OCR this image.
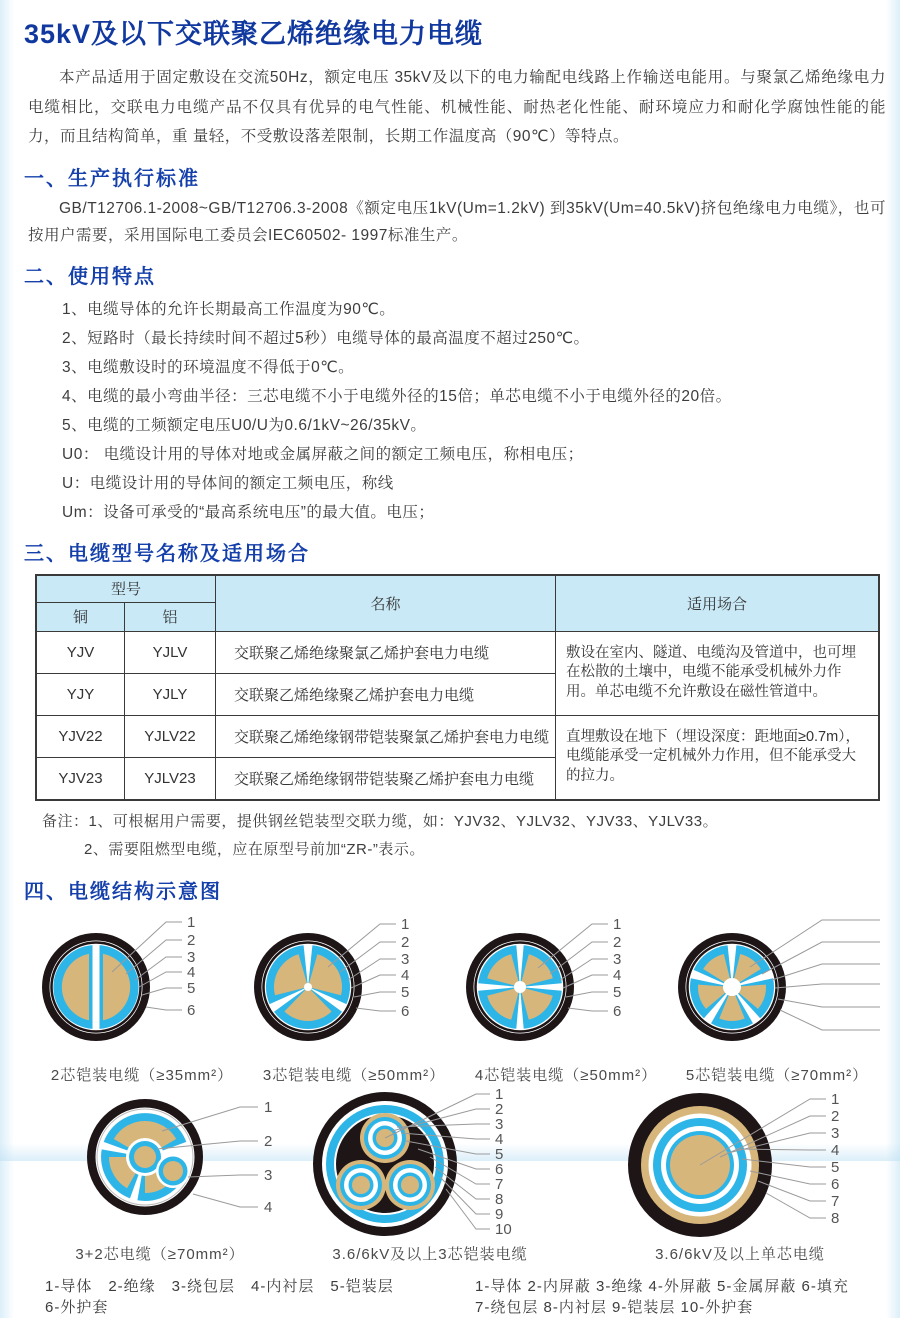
35kV及以下交联聚乙烯绝缘电力电缆

本产品适用于固定敷设在交流50Hz，额定电压 35kV及以下的电力输配电线路上作输送电能用。与聚氯乙烯绝缘电力电缆相比，交联电力电缆产品不仅具有优异的电气性能、机械性能、耐热老化性能、耐环境应力和耐化学腐蚀性能的能力，而且结构简单，重 量轻，不受敷设落差限制，长期工作温度高（90℃）等特点。

一、生产执行标准

GB/T12706.1-2008~GB/T12706.3-2008《额定电压1kV(Um=1.2kV) 到35kV(Um=40.5kV)挤包绝缘电力电缆》，也可按用户需要，采用国际电工委员会IEC60502- 1997标准生产。

二、使用特点
1、电缆导体的允许长期最高工作温度为90℃。
2、短路时（最长持续时间不超过5秒）电缆导体的最高温度不超过250℃。
3、电缆敷设时的环境温度不得低于0℃。
4、电缆的最小弯曲半径：三芯电缆不小于电缆外径的15倍；单芯电缆不小于电缆外径的20倍。
5、电缆的工频额定电压U0/U为0.6/1kV~26/35kV。
U0： 电缆设计用的导体对地或金属屏蔽之间的额定工频电压，称相电压；
U：电缆设计用的导体间的额定工频电压，称线
Um：设备可承受的“最高系统电压”的最大值。电压；
三、电缆型号名称及适用场合
型号		名称	适用场合
铜	铝		
YJV	YJLV	交联聚乙烯绝缘聚氯乙烯护套电力电缆	敷设在室内、隧道、电缆沟及管道中，也可埋在松散的土壤中，电缆不能承受机械外力作用。单芯电缆不允许敷设在磁性管道中。
YJY	YJLY	交联聚乙烯绝缘聚乙烯护套电力电缆	
YJV22	YJLV22	交联聚乙烯绝缘钢带铠装聚氯乙烯护套电力电缆	直埋敷设在地下（埋设深度：距地面≥0.7m），电缆能承受一定机械外力作用，但不能承受大的拉力。
YJV23	YJLV23	交联聚乙烯绝缘钢带铠装聚乙烯护套电力电缆	
备注：1、可根椐用户需要，提供钢丝铠装型交联力缆，如：YJV32、YJLV32、YJV33、YJLV33。
2、需要阻燃型电缆，应在原型号前加“ZR-”表示。
四、电缆结构示意图
1
2
3
4
5
6
2芯铠装电缆（≥35mm²）
1
2
3
4
5
6
3芯铠装电缆（≥50mm²）
1
2
3
4
5
6
4芯铠装电缆（≥50mm²） 5芯铠装电缆（≥70mm²）
1
2
3
4
3+2芯电缆（≥70mm²）
1
2
3
4
5
6
7
8
9
10
3.6/6kV及以上3芯铠装电缆
1
2
3
4
5
6
7
8
3.6/6kV及以上单芯电缆
1-导体　2-绝缘　3-绕包层　4-内衬层　5-铠装层
6-外护套
1-导体 2-内屏蔽 3-绝缘 4-外屏蔽 5-金属屏蔽 6-填充
7-绕包层 8-内衬层 9-铠装层 10-外护套
